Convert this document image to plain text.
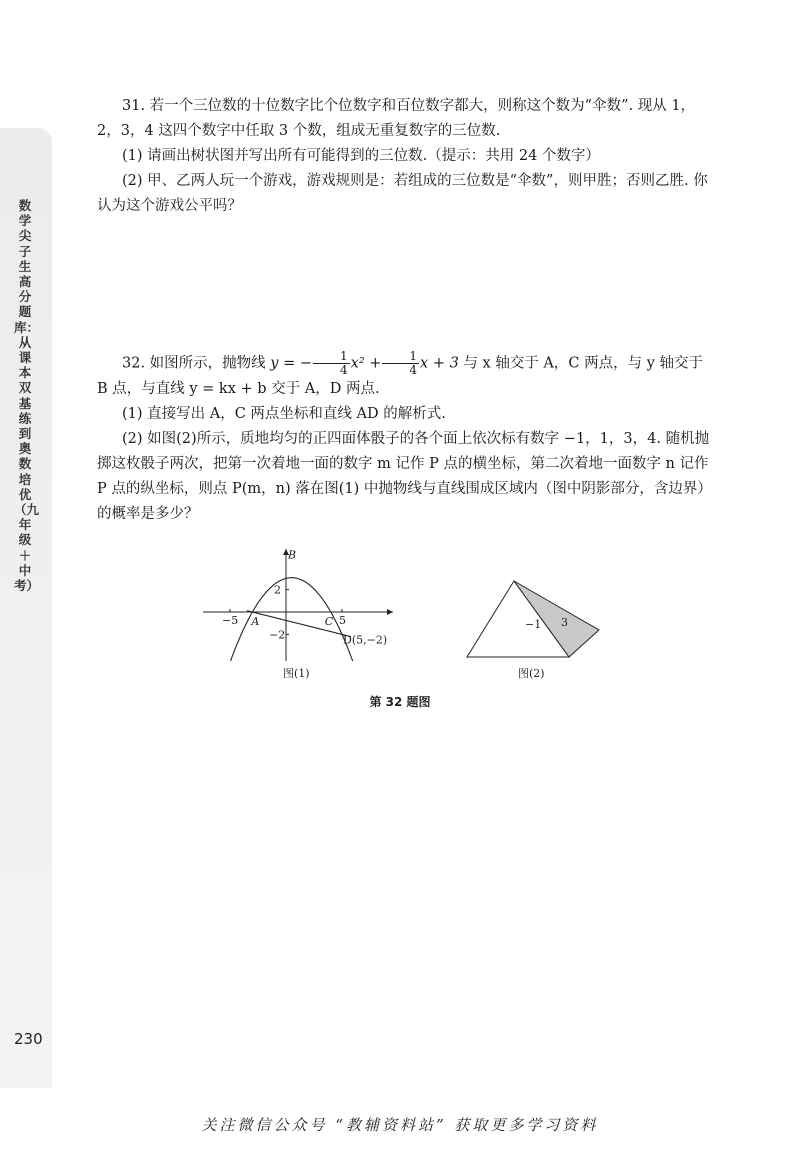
数学尖子生高分题库：从课本双基练到奥数培优（九年级＋中考）
230

31. 若一个三位数的十位数字比个位数字和百位数字都大，则称这个数为“伞数”. 现从 1，2，3，4 这四个数字中任取 3 个数，组成无重复数字的三位数.

(1) 请画出树状图并写出所有可能得到的三位数.（提示：共用 24 个数字）

(2) 甲、乙两人玩一个游戏，游戏规则是：若组成的三位数是“伞数”，则甲胜；否则乙胜. 你认为这个游戏公平吗？

32. 如图所示，抛物线 y = − $\frac{1}{4} x^2 + \frac{1}{4}$ x + 3 与 x 轴交于 A，C 两点，与 y 轴交于 B 点，与直线 y = kx + b 交于 A，D 两点.

(1) 直接写出 A，C 两点坐标和直线 AD 的解析式.

(2) 如图(2)所示，质地均匀的正四面体骰子的各个面上依次标有数字 −1，1，3，4. 随机抛掷这枚骰子两次，把第一次着地一面的数字 m 记作 P 点的横坐标，第二次着地一面数字 n 记作 P 点的纵坐标，则点 P(m，n) 落在图(1) 中抛物线与直线围成区域内（图中阴影部分，含边界）的概率是多少？

B
A	C
D(5,−2)
−5	5
2
−2
图(1)
−1 3
图(2)
第 32 题图
关注微信公众号 “教辅资料站” 获取更多学习资料
